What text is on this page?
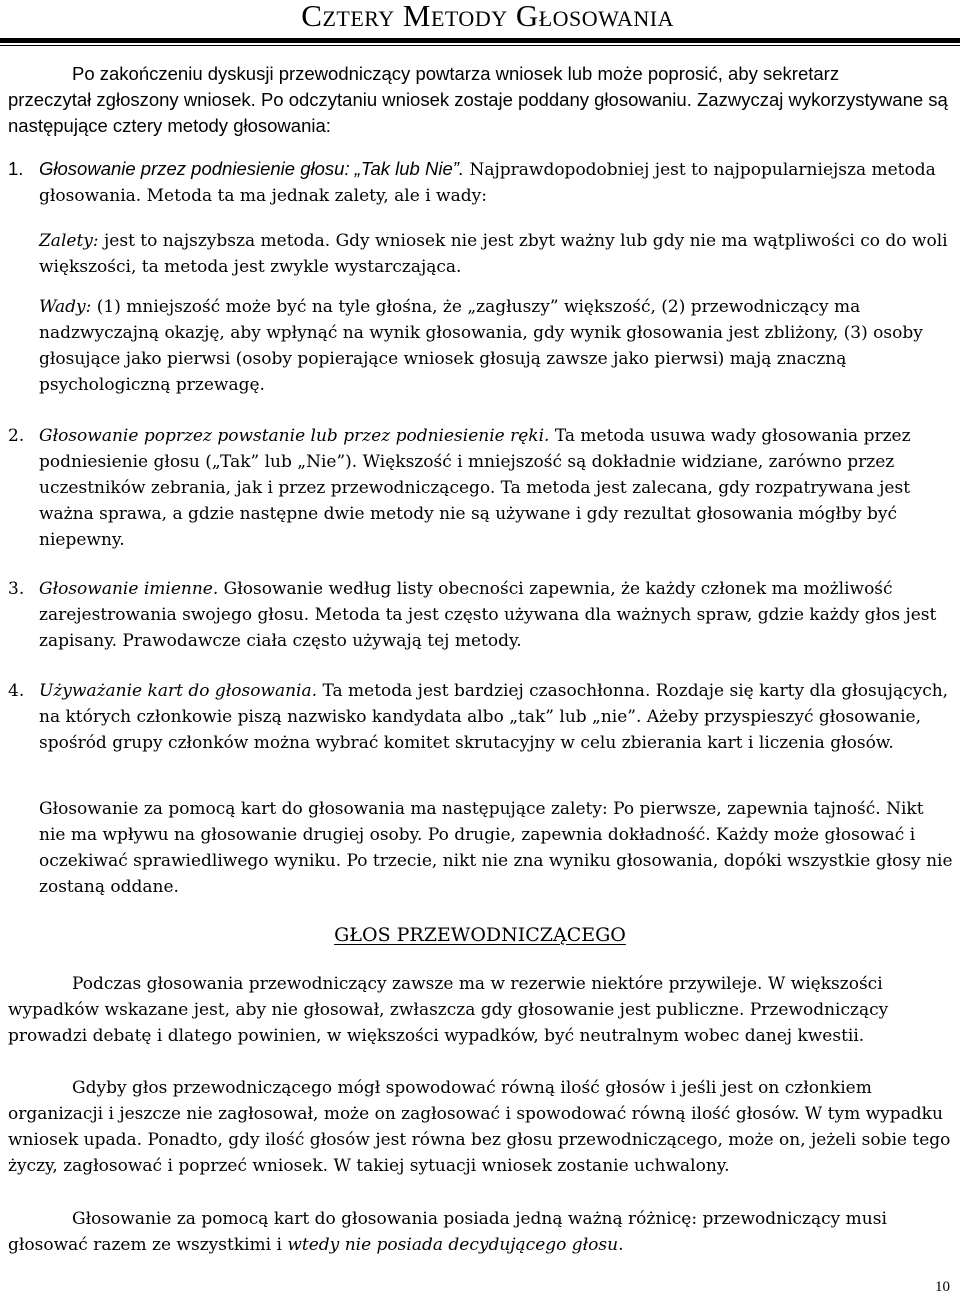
Cztery Metody Głosowania
Po zakończeniu dyskusji przewodniczący powtarza wniosek lub może poprosić, aby sekretarz
przeczytał zgłoszony wniosek. Po odczytaniu wniosek zostaje poddany głosowaniu. Zazwyczaj wykorzystywane są następujące cztery metody głosowania:
1. Głosowanie przez podniesienie głosu: „Tak lub Nie”. Najprawdopodobniej jest to najpopularniejsza metoda głosowania. Metoda ta ma jednak zalety, ale i wady:
Zalety: jest to najszybsza metoda. Gdy wniosek nie jest zbyt ważny lub gdy nie ma wątpliwości co do woli większości, ta metoda jest zwykle wystarczająca.
Wady: (1) mniejszość może być na tyle głośna, że „zagłuszy” większość, (2) przewodniczący ma nadzwyczajną okazję, aby wpłynąć na wynik głosowania, gdy wynik głosowania jest zbliżony, (3) osoby głosujące jako pierwsi (osoby popierające wniosek głosują zawsze jako pierwsi) mają znaczną psychologiczną przewagę.
2. Głosowanie poprzez powstanie lub przez podniesienie ręki. Ta metoda usuwa wady głosowania przez podniesienie głosu („Tak” lub „Nie”). Większość i mniejszość są dokładnie widziane, zarówno przez uczestników zebrania, jak i przez przewodniczącego. Ta metoda jest zalecana, gdy rozpatrywana jest ważna sprawa, a gdzie następne dwie metody nie są używane i gdy rezultat głosowania mógłby być niepewny.
3. Głosowanie imienne. Głosowanie według listy obecności zapewnia, że każdy członek ma możliwość zarejestrowania swojego głosu. Metoda ta jest często używana dla ważnych spraw, gdzie każdy głos jest zapisany. Prawodawcze ciała często używają tej metody.
4. Używażanie kart do głosowania. Ta metoda jest bardziej czasochłonna. Rozdaje się karty dla głosujących, na których członkowie piszą nazwisko kandydata albo „tak” lub „nie”. Ażeby przyspieszyć głosowanie, spośród grupy członków można wybrać komitet skrutacyjny w celu zbierania kart i liczenia głosów.
Głosowanie za pomocą kart do głosowania ma następujące zalety: Po pierwsze, zapewnia tajność. Nikt nie ma wpływu na głosowanie drugiej osoby. Po drugie, zapewnia dokładność. Każdy może głosować i oczekiwać sprawiedliwego wyniku. Po trzecie, nikt nie zna wyniku głosowania, dopóki wszystkie głosy nie zostaną oddane.
GŁOS PRZEWODNICZĄCEGO
Podczas głosowania przewodniczący zawsze ma w rezerwie niektóre przywileje. W większości wypadków wskazane jest, aby nie głosował, zwłaszcza gdy głosowanie jest publiczne. Przewodniczący prowadzi debatę i dlatego powinien, w większości wypadków, być neutralnym wobec danej kwestii.
Gdyby głos przewodniczącego mógł spowodować równą ilość głosów i jeśli jest on członkiem organizacji i jeszcze nie zagłosował, może on zagłosować i spowodować równą ilość głosów. W tym wypadku wniosek upada. Ponadto, gdy ilość głosów jest równa bez głosu przewodniczącego, może on, jeżeli sobie tego życzy, zagłosować i poprzeć wniosek. W takiej sytuacji wniosek zostanie uchwalony.
Głosowanie za pomocą kart do głosowania posiada jedną ważną różnicę: przewodniczący musi głosować razem ze wszystkimi i wtedy nie posiada decydującego głosu.
10
